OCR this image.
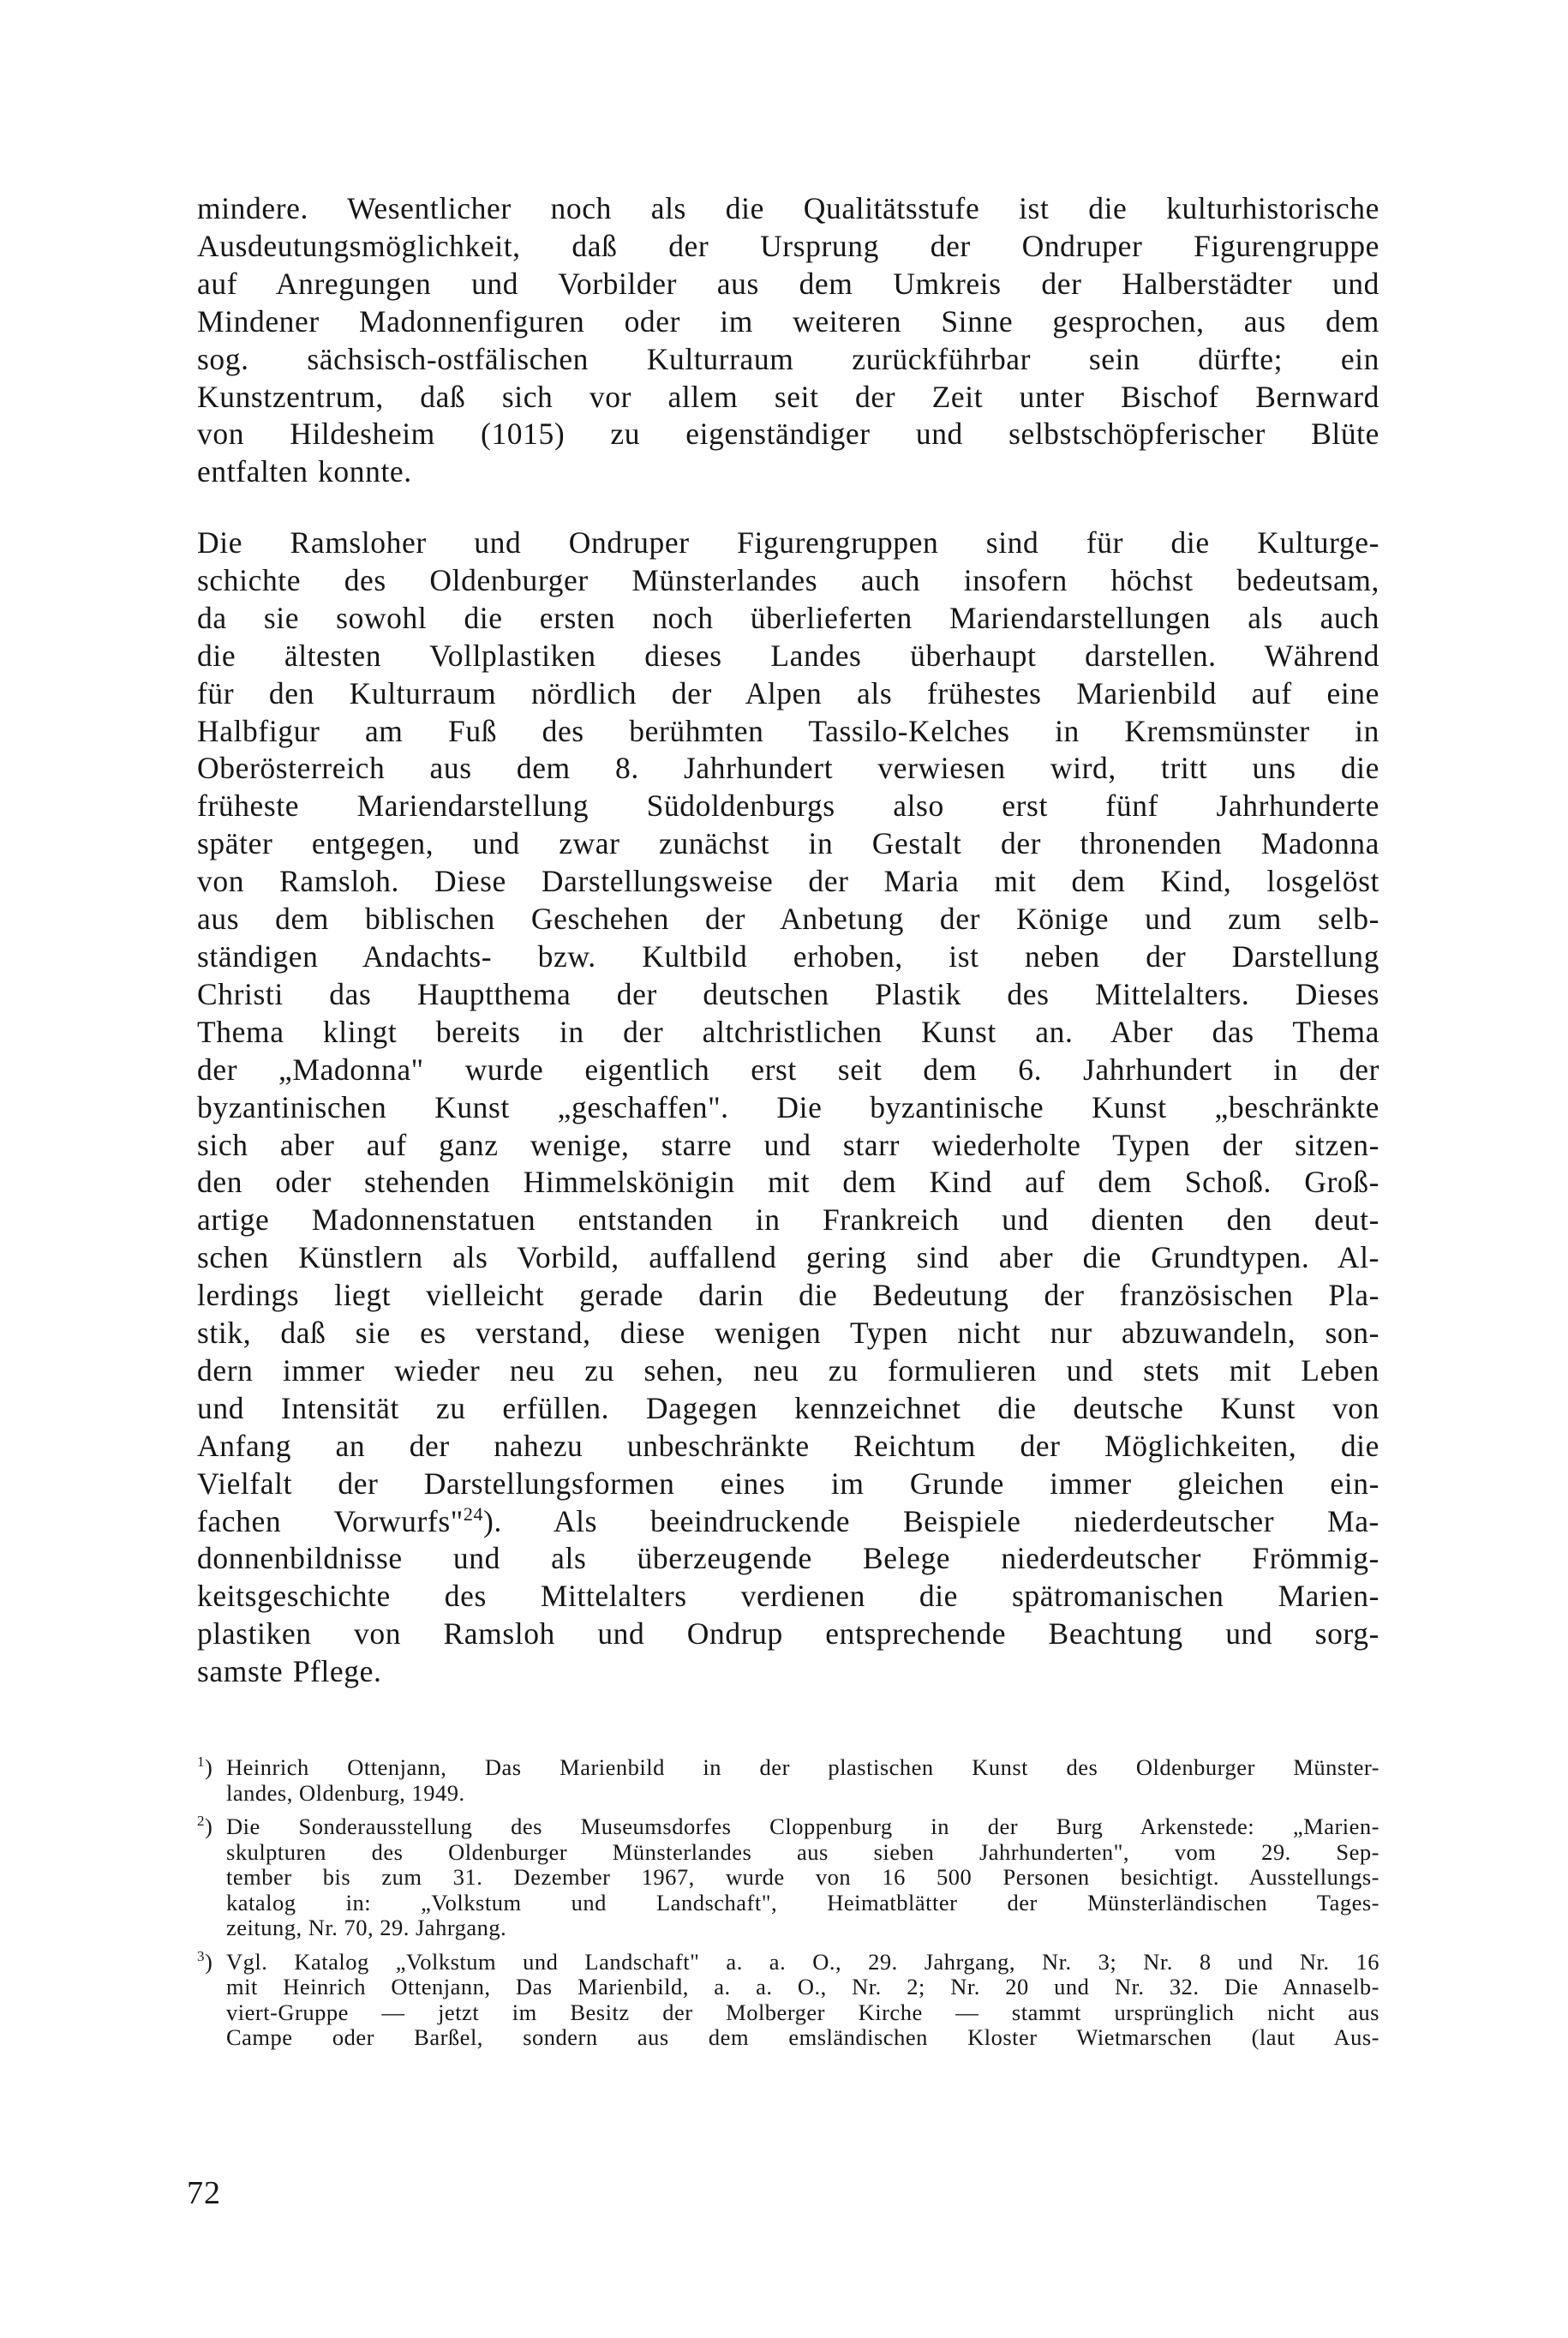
mindere. Wesentlicher noch als die Qualitätsstufe ist die kulturhistorische
Ausdeutungsmöglichkeit, daß der Ursprung der Ondruper Figurengruppe
auf Anregungen und Vorbilder aus dem Umkreis der Halberstädter und
Mindener Madonnenfiguren oder im weiteren Sinne gesprochen, aus dem
sog. sächsisch-ostfälischen Kulturraum zurückführbar sein dürfte; ein
Kunstzentrum, daß sich vor allem seit der Zeit unter Bischof Bernward
von Hildesheim (1015) zu eigenständiger und selbstschöpferischer Blüte
entfalten konnte.
Die Ramsloher und Ondruper Figurengruppen sind für die Kulturge-
schichte des Oldenburger Münsterlandes auch insofern höchst bedeutsam,
da sie sowohl die ersten noch überlieferten Mariendarstellungen als auch
die ältesten Vollplastiken dieses Landes überhaupt darstellen. Während
für den Kulturraum nördlich der Alpen als frühestes Marienbild auf eine
Halbfigur am Fuß des berühmten Tassilo-Kelches in Kremsmünster in
Oberösterreich aus dem 8. Jahrhundert verwiesen wird, tritt uns die
früheste Mariendarstellung Südoldenburgs also erst fünf Jahrhunderte
später entgegen, und zwar zunächst in Gestalt der thronenden Madonna
von Ramsloh. Diese Darstellungsweise der Maria mit dem Kind, losgelöst
aus dem biblischen Geschehen der Anbetung der Könige und zum selb-
ständigen Andachts- bzw. Kultbild erhoben, ist neben der Darstellung
Christi das Hauptthema der deutschen Plastik des Mittelalters. Dieses
Thema klingt bereits in der altchristlichen Kunst an. Aber das Thema
der „Madonna" wurde eigentlich erst seit dem 6. Jahrhundert in der
byzantinischen Kunst „geschaffen". Die byzantinische Kunst „beschränkte
sich aber auf ganz wenige, starre und starr wiederholte Typen der sitzen-
den oder stehenden Himmelskönigin mit dem Kind auf dem Schoß. Groß-
artige Madonnenstatuen entstanden in Frankreich und dienten den deut-
schen Künstlern als Vorbild, auffallend gering sind aber die Grundtypen. Al-
lerdings liegt vielleicht gerade darin die Bedeutung der französischen Pla-
stik, daß sie es verstand, diese wenigen Typen nicht nur abzuwandeln, son-
dern immer wieder neu zu sehen, neu zu formulieren und stets mit Leben
und Intensität zu erfüllen. Dagegen kennzeichnet die deutsche Kunst von
Anfang an der nahezu unbeschränkte Reichtum der Möglichkeiten, die
Vielfalt der Darstellungsformen eines im Grunde immer gleichen ein-
fachen Vorwurfs"$^{24}$). Als beeindruckende Beispiele niederdeutscher Ma-
donnenbildnisse und als überzeugende Belege niederdeutscher Frömmig-
keitsgeschichte des Mittelalters verdienen die spätromanischen Marien-
plastiken von Ramsloh und Ondrup entsprechende Beachtung und sorg-
samste Pflege.
$^1$) Heinrich Ottenjann, Das Marienbild in der plastischen Kunst des Oldenburger Münster-
landes, Oldenburg, 1949.
$^2$) Die Sonderausstellung des Museumsdorfes Cloppenburg in der Burg Arkenstede: „Marien-
skulpturen des Oldenburger Münsterlandes aus sieben Jahrhunderten", vom 29. Sep-
tember bis zum 31. Dezember 1967, wurde von 16 500 Personen besichtigt. Ausstellungs-
katalog in: „Volkstum und Landschaft", Heimatblätter der Münsterländischen Tages-
zeitung, Nr. 70, 29. Jahrgang.
$^3$) Vgl. Katalog „Volkstum und Landschaft" a. a. O., 29. Jahrgang, Nr. 3; Nr. 8 und Nr. 16
mit Heinrich Ottenjann, Das Marienbild, a. a. O., Nr. 2; Nr. 20 und Nr. 32. Die Annaselb-
viert-Gruppe — jetzt im Besitz der Molberger Kirche — stammt ursprünglich nicht aus
Campe oder Barßel, sondern aus dem emsländischen Kloster Wietmarschen (laut Aus-
72
